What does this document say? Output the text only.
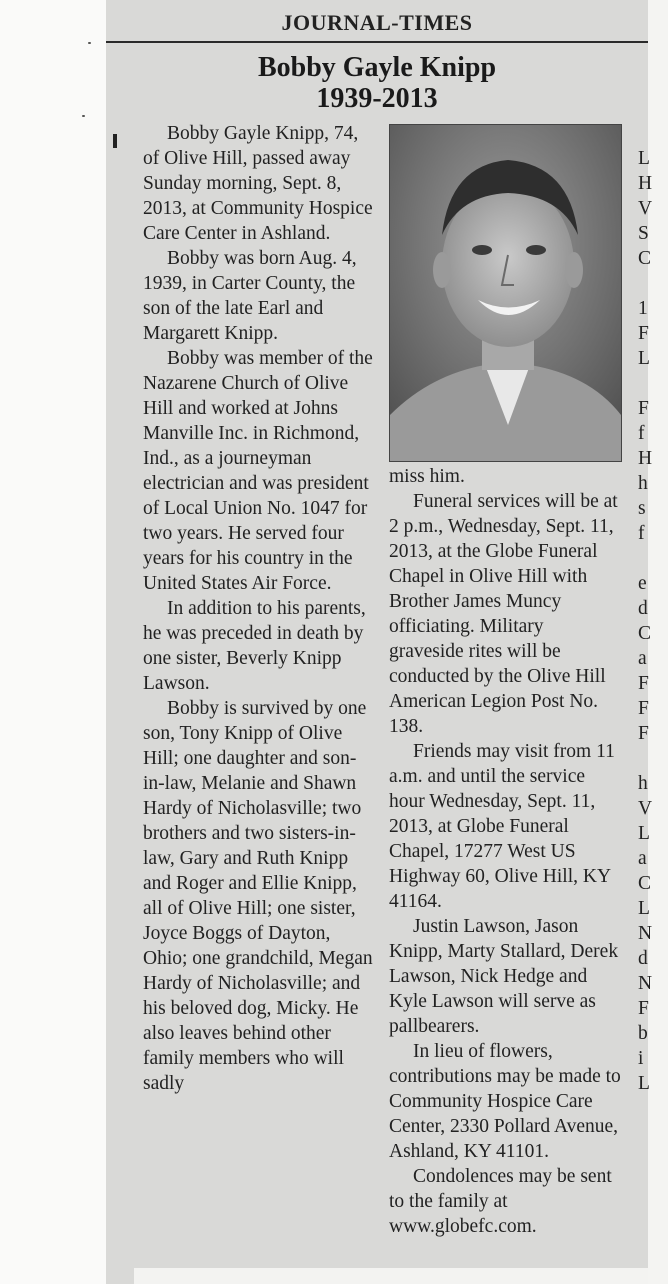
JOURNAL-TIMES
Bobby Gayle Knipp
1939-2013

Bobby Gayle Knipp, 74, of Olive Hill, passed away Sunday morning, Sept. 8, 2013, at Community Hospice Care Center in Ashland.

Bobby was born Aug. 4, 1939, in Carter County, the son of the late Earl and Margarett Knipp.

Bobby was member of the Nazarene Church of Olive Hill and worked at Johns Manville Inc. in Richmond, Ind., as a journeyman electrician and was president of Local Union No. 1047 for two years. He served four years for his country in the United States Air Force.

In addition to his parents, he was preceded in death by one sister, Beverly Knipp Lawson.

Bobby is survived by one son, Tony Knipp of Olive Hill; one daughter and son-in-law, Melanie and Shawn Hardy of Nicholasville; two brothers and two sisters-in-law, Gary and Ruth Knipp and Roger and Ellie Knipp, all of Olive Hill; one sister, Joyce Boggs of Dayton, Ohio; one grandchild, Megan Hardy of Nicholasville; and his beloved dog, Micky. He also leaves behind other family members who will sadly

miss him.

Funeral services will be at 2 p.m., Wednesday, Sept. 11, 2013, at the Globe Funeral Chapel in Olive Hill with Brother James Muncy officiating. Military graveside rites will be conducted by the Olive Hill American Legion Post No. 138.

Friends may visit from 11 a.m. and until the service hour Wednesday, Sept. 11, 2013, at Globe Funeral Chapel, 17277 West US Highway 60, Olive Hill, KY 41164.

Justin Lawson, Jason Knipp, Marty Stallard, Derek Lawson, Nick Hedge and Kyle Lawson will serve as pallbearers.

In lieu of flowers, contributions may be made to Community Hospice Care Center, 2330 Pollard Avenue, Ashland, KY 41101.

Condolences may be sent to the family at www.globefc.com.

L
H
V
S
C

1
F
L

F
f
H
h
s
f

e
d
C
a
F
F
F

h
V
L
a
C
L
N
d
N
F
b
i
L
